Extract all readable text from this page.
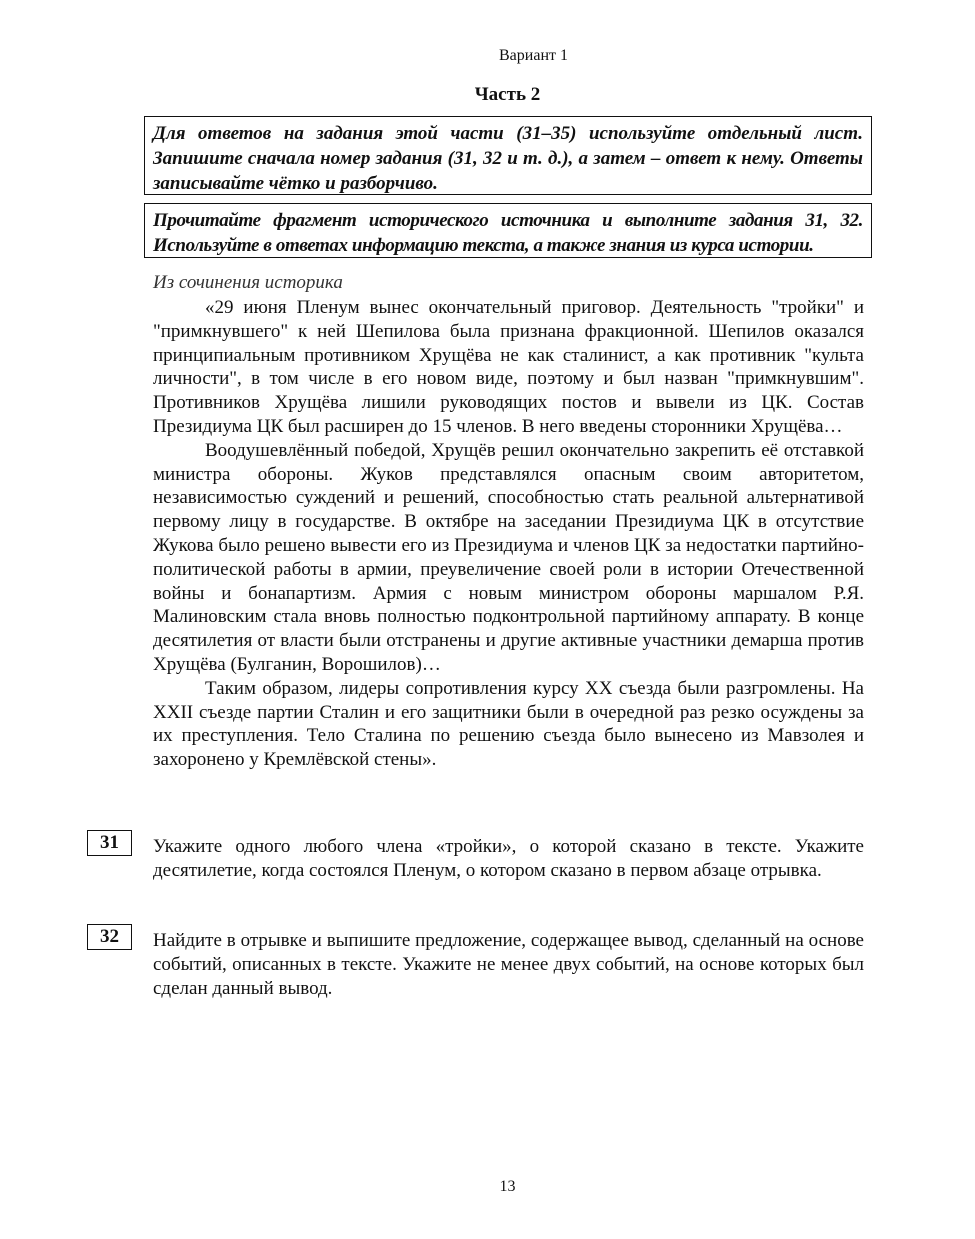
Вариант 1
Часть 2
Для ответов на задания этой части (31–35) используйте отдельный лист. Запишите сначала номер задания (31, 32 и т. д.), а затем – ответ к нему. Ответы записывайте чётко и разборчиво.
Прочитайте фрагмент исторического источника и выполните задания 31, 32. Используйте в ответах информацию текста, а также знания из курса истории.
Из сочинения историка

«29 июня Пленум вынес окончательный приговор. Деятельность "тройки" и "примкнувшего" к ней Шепилова была признана фракционной. Шепилов оказался принципиальным противником Хрущёва не как сталинист, а как противник "культа личности", в том числе в его новом виде, поэтому и был назван "примкнувшим". Противников Хрущёва лишили руководящих постов и вывели из ЦК. Состав Президиума ЦК был расширен до 15 членов. В него введены сторонники Хрущёва…

Воодушевлённый победой, Хрущёв решил окончательно закрепить её отставкой министра обороны. Жуков представлялся опасным своим авторитетом, независимостью суждений и решений, способностью стать реальной альтернативой первому лицу в государстве. В октябре на заседании Президиума ЦК в отсутствие Жукова было решено вывести его из Президиума и членов ЦК за недостатки партийно-политической работы в армии, преувеличение своей роли в истории Отечественной войны и бонапартизм. Армия с новым министром обороны маршалом Р.Я. Малиновским стала вновь полностью подконтрольной партийному аппарату. В конце десятилетия от власти были отстранены и другие активные участники демарша против Хрущёва (Булганин, Ворошилов)…

Таким образом, лидеры сопротивления курсу XX съезда были разгромлены. На XXII съезде партии Сталин и его защитники были в очередной раз резко осуждены за их преступления. Тело Сталина по решению съезда было вынесено из Мавзолея и захоронено у Кремлёвской стены».

31	Укажите одного любого члена «тройки», о которой сказано в тексте. Укажите десятилетие, когда состоялся Пленум, о котором сказано в первом абзаце отрывка.
32	Найдите в отрывке и выпишите предложение, содержащее вывод, сделанный на основе событий, описанных в тексте. Укажите не менее двух событий, на основе которых был сделан данный вывод.
13
